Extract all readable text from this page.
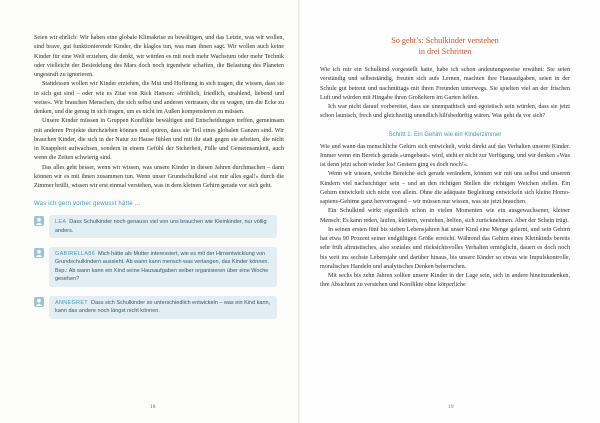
Seien wir ehrlich: Wir haben eine globale Klimakrise zu bewältigen, und das Letzte, was wir wollen, sind brave, gut funktionierende Kinder, die klaglos tun, was man ihnen sagt. Wir wollen auch keine Kinder für eine Welt erziehen, die denkt, wir würden es mit noch mehr Wachstum oder mehr Technik oder vielleicht der Besiedelung des Mars doch noch irgendwie schaffen, die Belastung des Planeten ungestraft zu ignorieren.

Stattdessen wollen wir Kinder erziehen, die Mut und Hoffnung in sich tragen, die wissen, dass sie in sich gut sind – oder wie es Zitat von Rick Hanson: »fröhlich, friedlich, strahlend, liebend und weise«. Wir brauchen Menschen, die sich selbst und anderen vertrauen, die es wagen, um die Ecke zu denken, und die genug in sich tragen, um es nicht im Außen kompensieren zu müssen.

Unsere Kinder müssen in Gruppen Konflikte bewältigen und Entscheidungen treffen, gemeinsam mit anderen Projekte durchziehen können und spüren, dass sie Teil eines globalen Ganzen sind. Wir brauchen Kinder, die sich in der Natur zu Hause fühlen und mit ihr statt gegen sie arbeiten, die nicht in Knappheit aufwachsen, sondern in einem Gefühl der Sicherheit, Fülle und Gemeinsamkeit, auch wenn die Zeiten schwierig sind.

Das alles geht besser, wenn wir wissen, was unsere Kinder in diesen Jahren durchmachen – dann können wir es mit ihnen zusammen tun. Wenn unser Grundschulkind »ist mir alles egal!« durch die Zimmer brüllt, wissen wir erst einmal verstehen, was in dem kleinen Gehirn gerade vor sich geht.

Was ich gern vorher gewusst hätte …
LEA Dass Schulkinder noch genauso viel von uns brauchen wie Kleinkinder, nur völlig anders.
GABIRELLA86 Mich hätte als Mutter interessiert, wie es mit der Hirnentwicklung von Grundschulkindern aussieht. Ab wann kann mensch was verlangen, das Kinder können. Bsp.: Ab wann kann ein Kind seine Hausaufgaben selber organisieren über eine Woche gesehen?
ANNEGRET Dass sich Schulkinder so unterschiedlich entwickeln – was ein Kind kann, kann das andere noch längst nicht können.
18
So geht’s: Schulkinder verstehen
in drei Schritten

Wie ich mir ein Schulkind vorgestellt hatte, habe ich schon andeutungsweise erwähnt: Sie seien verständig und selbstständig, freuten sich aufs Lernen, machten ihre Hausaufgaben, seien in der Schule gut betreut und nachmittags mit ihren Freunden unterwegs. Sie spielten viel an der frischen Luft und würden mit Hingabe ihren Großeltern im Garten helfen.

Ich war nicht darauf vorbereitet, dass sie unempathisch und egoistisch sein würden, dass sie jetzt schon launisch, frech und gleichzeitig unendlich hilfsbedürftig wären. Was geht da vor sich?

Schritt 1: Ein Gehirn wie ein Kinderzimmer

Wie und wann das menschliche Gehirn sich entwickelt, wirkt direkt auf das Verhalten unserer Kinder. Immer wenn ein Bereich gerade »umgebaut« wird, steht er nicht zur Verfügung, und wir denken »Was ist denn jetzt schon wieder los! Gestern ging es doch noch!«.

Wenn wir wissen, welche Bereiche sich gerade verändern, können wir mit uns selbst und unseren Kindern viel nachsichtiger sein – und an den richtigen Stellen die richtigen Weichen stellen. Ein Gehirn entwickelt sich nicht von allein. Ohne die adäquate Begleitung entwickeln sich kleine Homo-sapiens-Gehirne ganz hervorragend – wir müssen nur wissen, was sie jetzt brauchen.

Ein Schulkind wirkt eigentlich schon in vielen Momenten wie ein ausgewachsener, kleiner Mensch: Es kann reden, laufen, klettern, verstehen, helfen, sich zurücknehmen. Aber der Schein trügt.

In seinen ersten fünf bis sieben Lebensjahren hat unser Kind eine Menge gelernt, und sein Gehirn hat etwa 90 Prozent seiner endgültigen Größe erreicht. Während das Gehirn eines Kleinkinds bereits sehr früh altruistisches, also soziales und rücksichtsvolles Verhalten ermöglicht, dauert es doch noch bis weit ins sechste Lebensjahr und darüber hinaus, bis unsere Kinder so etwas wie Impulskontrolle, moralisches Handeln und analytisches Denken beherrschen.

Mit sechs bis zehn Jahren sollten unsere Kinder in der Lage sein, sich in andere hineinzudenken, ihre Absichten zu verstehen und Konflikte ohne körperliche

19
